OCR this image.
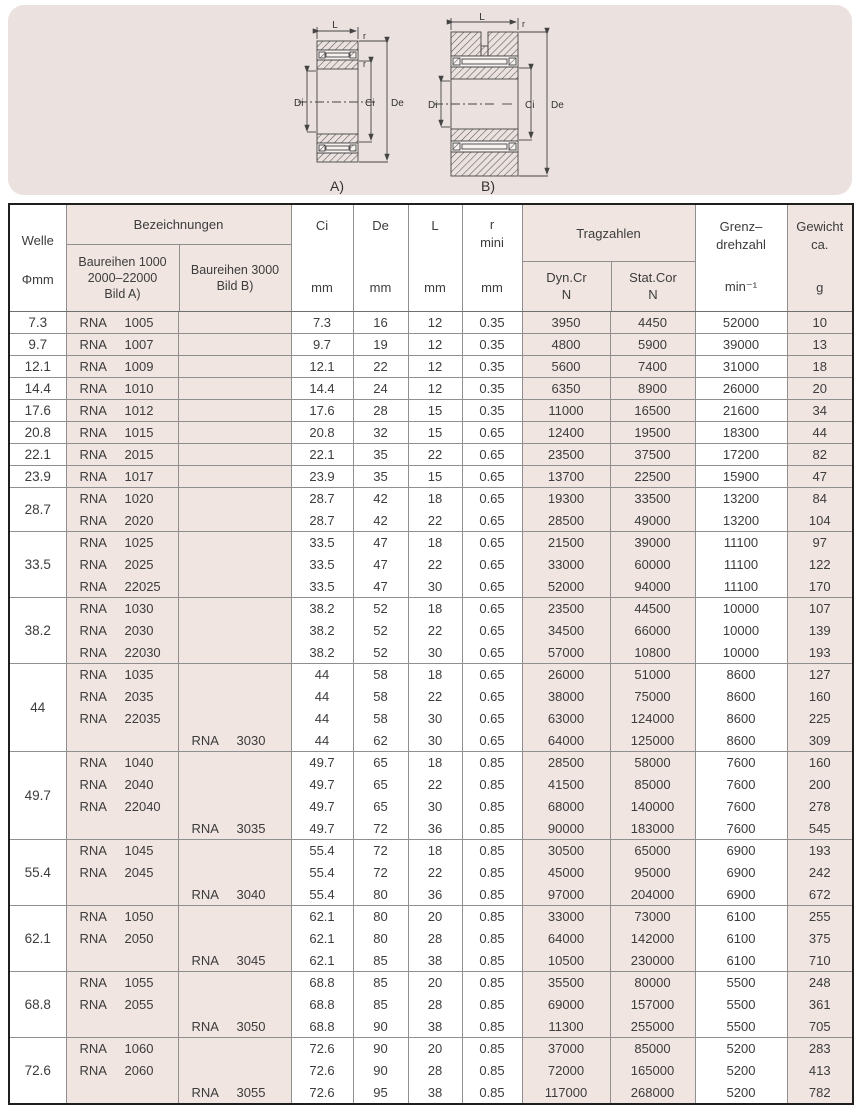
L
r
r
Di	Ci De
A)
L
r
Di	Ci De
B)
Welle
Φmm

Bezeichnungen
Baureihen 1000
2000–22000
Bild A)
Baureihen 3000
Bild B)

Ci
mm

De
mm

L
mm

r
mini
mm

Tragzahlen
Dyn.Cr
N
Stat.Cor
N

Grenz–
drehzahl
min⁻¹

Gewicht
ca.
g

7.3	RNA 1005		7.3	16	12	0.35	3950	4450	52000	10
9.7	RNA 1007		9.7	19	12	0.35	4800	5900	39000	13
12.1	RNA 1009		12.1	22	12	0.35	5600	7400	31000	18
14.4	RNA 1010		14.4	24	12	0.35	6350	8900	26000	20
17.6	RNA 1012		17.6	28	15	0.35	11000	16500	21600	34
20.8	RNA 1015		20.8	32	15	0.65	12400	19500	18300	44
22.1	RNA 2015		22.1	35	22	0.65	23500	37500	17200	82
23.9	RNA 1017		23.9	35	15	0.65	13700	22500	15900	47
28.7	RNA 1020		28.7	42	18	0.65	19300	33500	13200	84
	RNA 2020		28.7	42	22	0.65	28500	49000	13200	104
33.5	RNA 1025		33.5	47	18	0.65	21500	39000	11100	97
	RNA 2025		33.5	47	22	0.65	33000	60000	11100	122
	RNA 22025		33.5	47	30	0.65	52000	94000	11100	170
38.2	RNA 1030		38.2	52	18	0.65	23500	44500	10000	107
	RNA 2030		38.2	52	22	0.65	34500	66000	10000	139
	RNA 22030		38.2	52	30	0.65	57000	10800	10000	193
44	RNA 1035		44	58	18	0.65	26000	51000	8600	127
	RNA 2035		44	58	22	0.65	38000	75000	8600	160
	RNA 22035		44	58	30	0.65	63000	124000	8600	225
		RNA 3030	44	62	30	0.65	64000	125000	8600	309
49.7	RNA 1040		49.7	65	18	0.85	28500	58000	7600	160
	RNA 2040		49.7	65	22	0.85	41500	85000	7600	200
	RNA 22040		49.7	65	30	0.85	68000	140000	7600	278
		RNA 3035	49.7	72	36	0.85	90000	183000	7600	545
55.4	RNA 1045		55.4	72	18	0.85	30500	65000	6900	193
	RNA 2045		55.4	72	22	0.85	45000	95000	6900	242
		RNA 3040	55.4	80	36	0.85	97000	204000	6900	672
62.1	RNA 1050		62.1	80	20	0.85	33000	73000	6100	255
	RNA 2050		62.1	80	28	0.85	64000	142000	6100	375
		RNA 3045	62.1	85	38	0.85	10500	230000	6100	710
68.8	RNA 1055		68.8	85	20	0.85	35500	80000	5500	248
	RNA 2055		68.8	85	28	0.85	69000	157000	5500	361
		RNA 3050	68.8	90	38	0.85	11300	255000	5500	705
72.6	RNA 1060		72.6	90	20	0.85	37000	85000	5200	283
	RNA 2060		72.6	90	28	0.85	72000	165000	5200	413
		RNA 3055	72.6	95	38	0.85	117000	268000	5200	782
